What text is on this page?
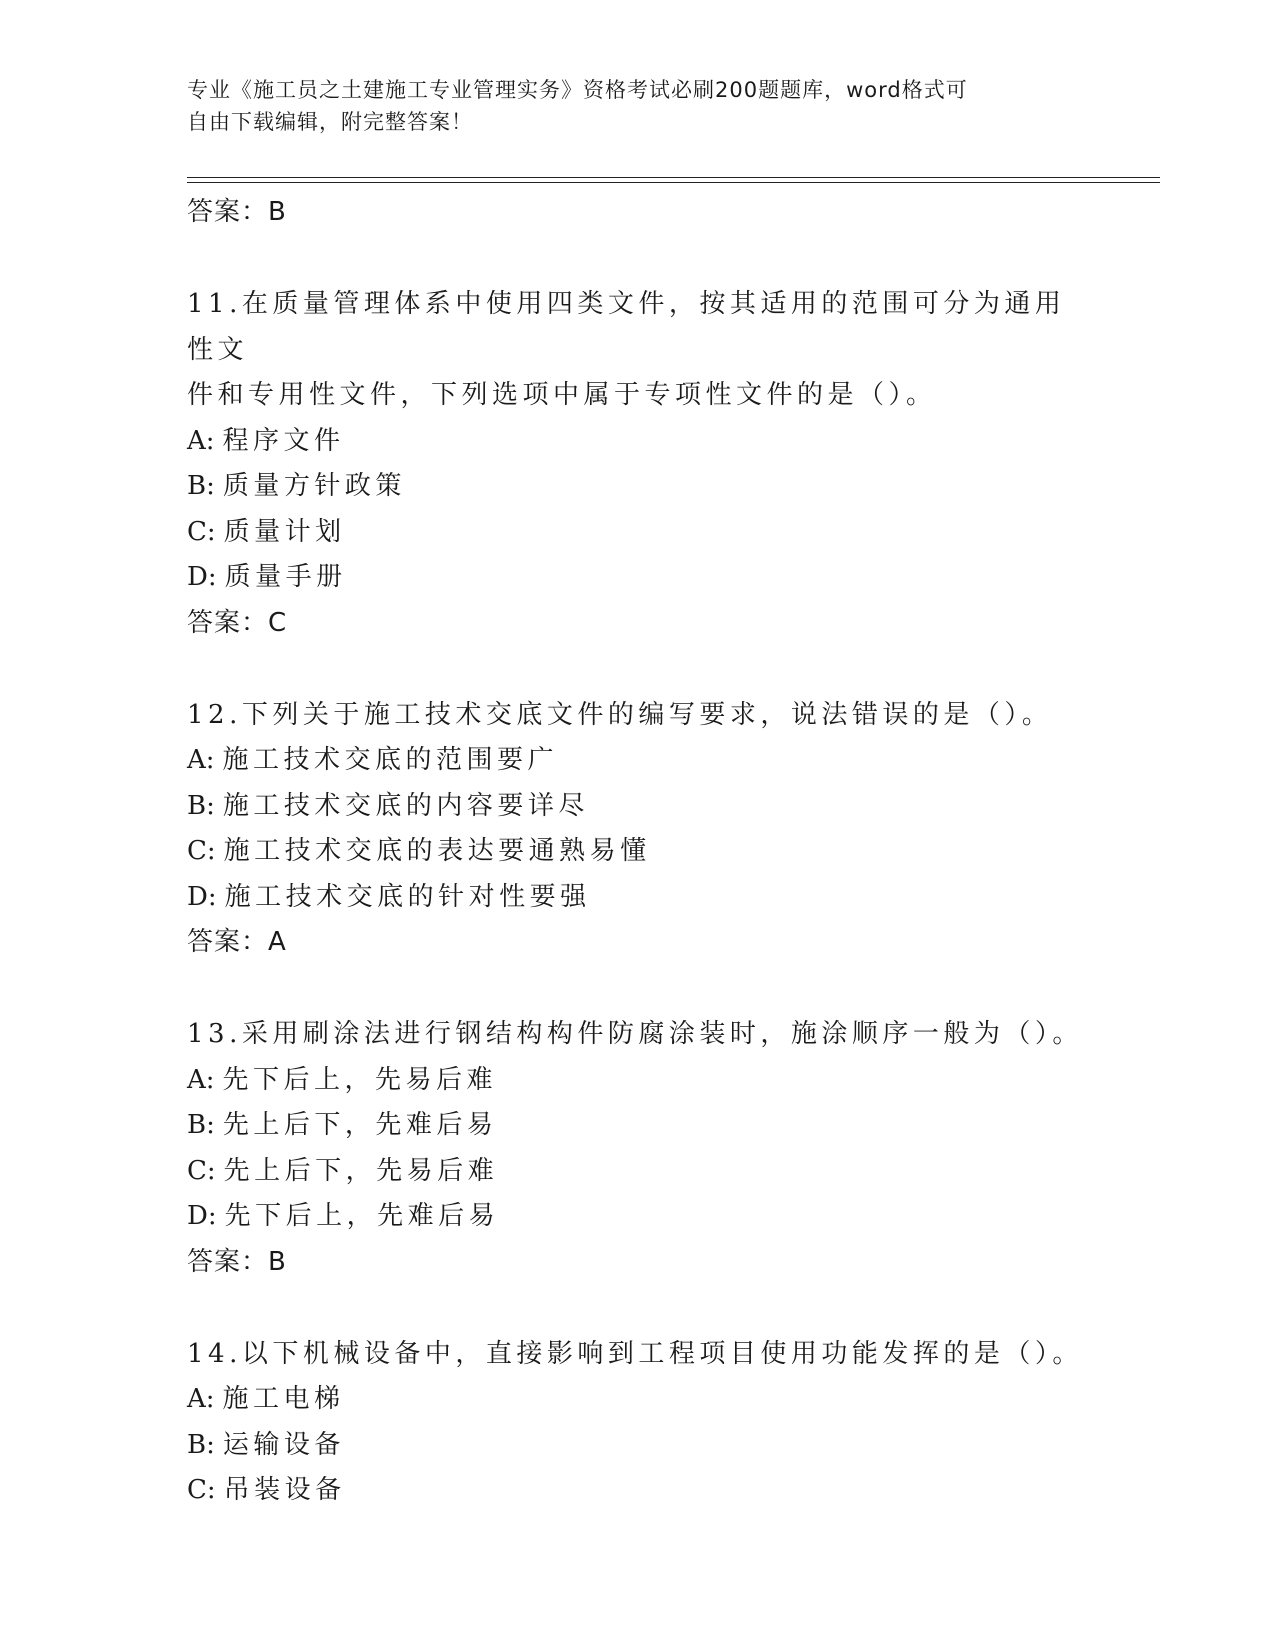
专业《施工员之土建施工专业管理实务》资格考试必刷200题题库，word格式可
自由下载编辑，附完整答案！
答案：B
11.在质量管理体系中使用四类文件，按其适用的范围可分为通用性文
件和专用性文件，下列选项中属于专项性文件的是（）。
A: 程序文件
B: 质量方针政策
C: 质量计划
D: 质量手册
答案：C
12.下列关于施工技术交底文件的编写要求，说法错误的是（）。
A: 施工技术交底的范围要广
B: 施工技术交底的内容要详尽
C: 施工技术交底的表达要通熟易懂
D: 施工技术交底的针对性要强
答案：A
13.采用刷涂法进行钢结构构件防腐涂装时，施涂顺序一般为（）。
A: 先下后上，先易后难
B: 先上后下，先难后易
C: 先上后下，先易后难
D: 先下后上，先难后易
答案：B
14.以下机械设备中，直接影响到工程项目使用功能发挥的是（）。
A: 施工电梯
B: 运输设备
C: 吊装设备
